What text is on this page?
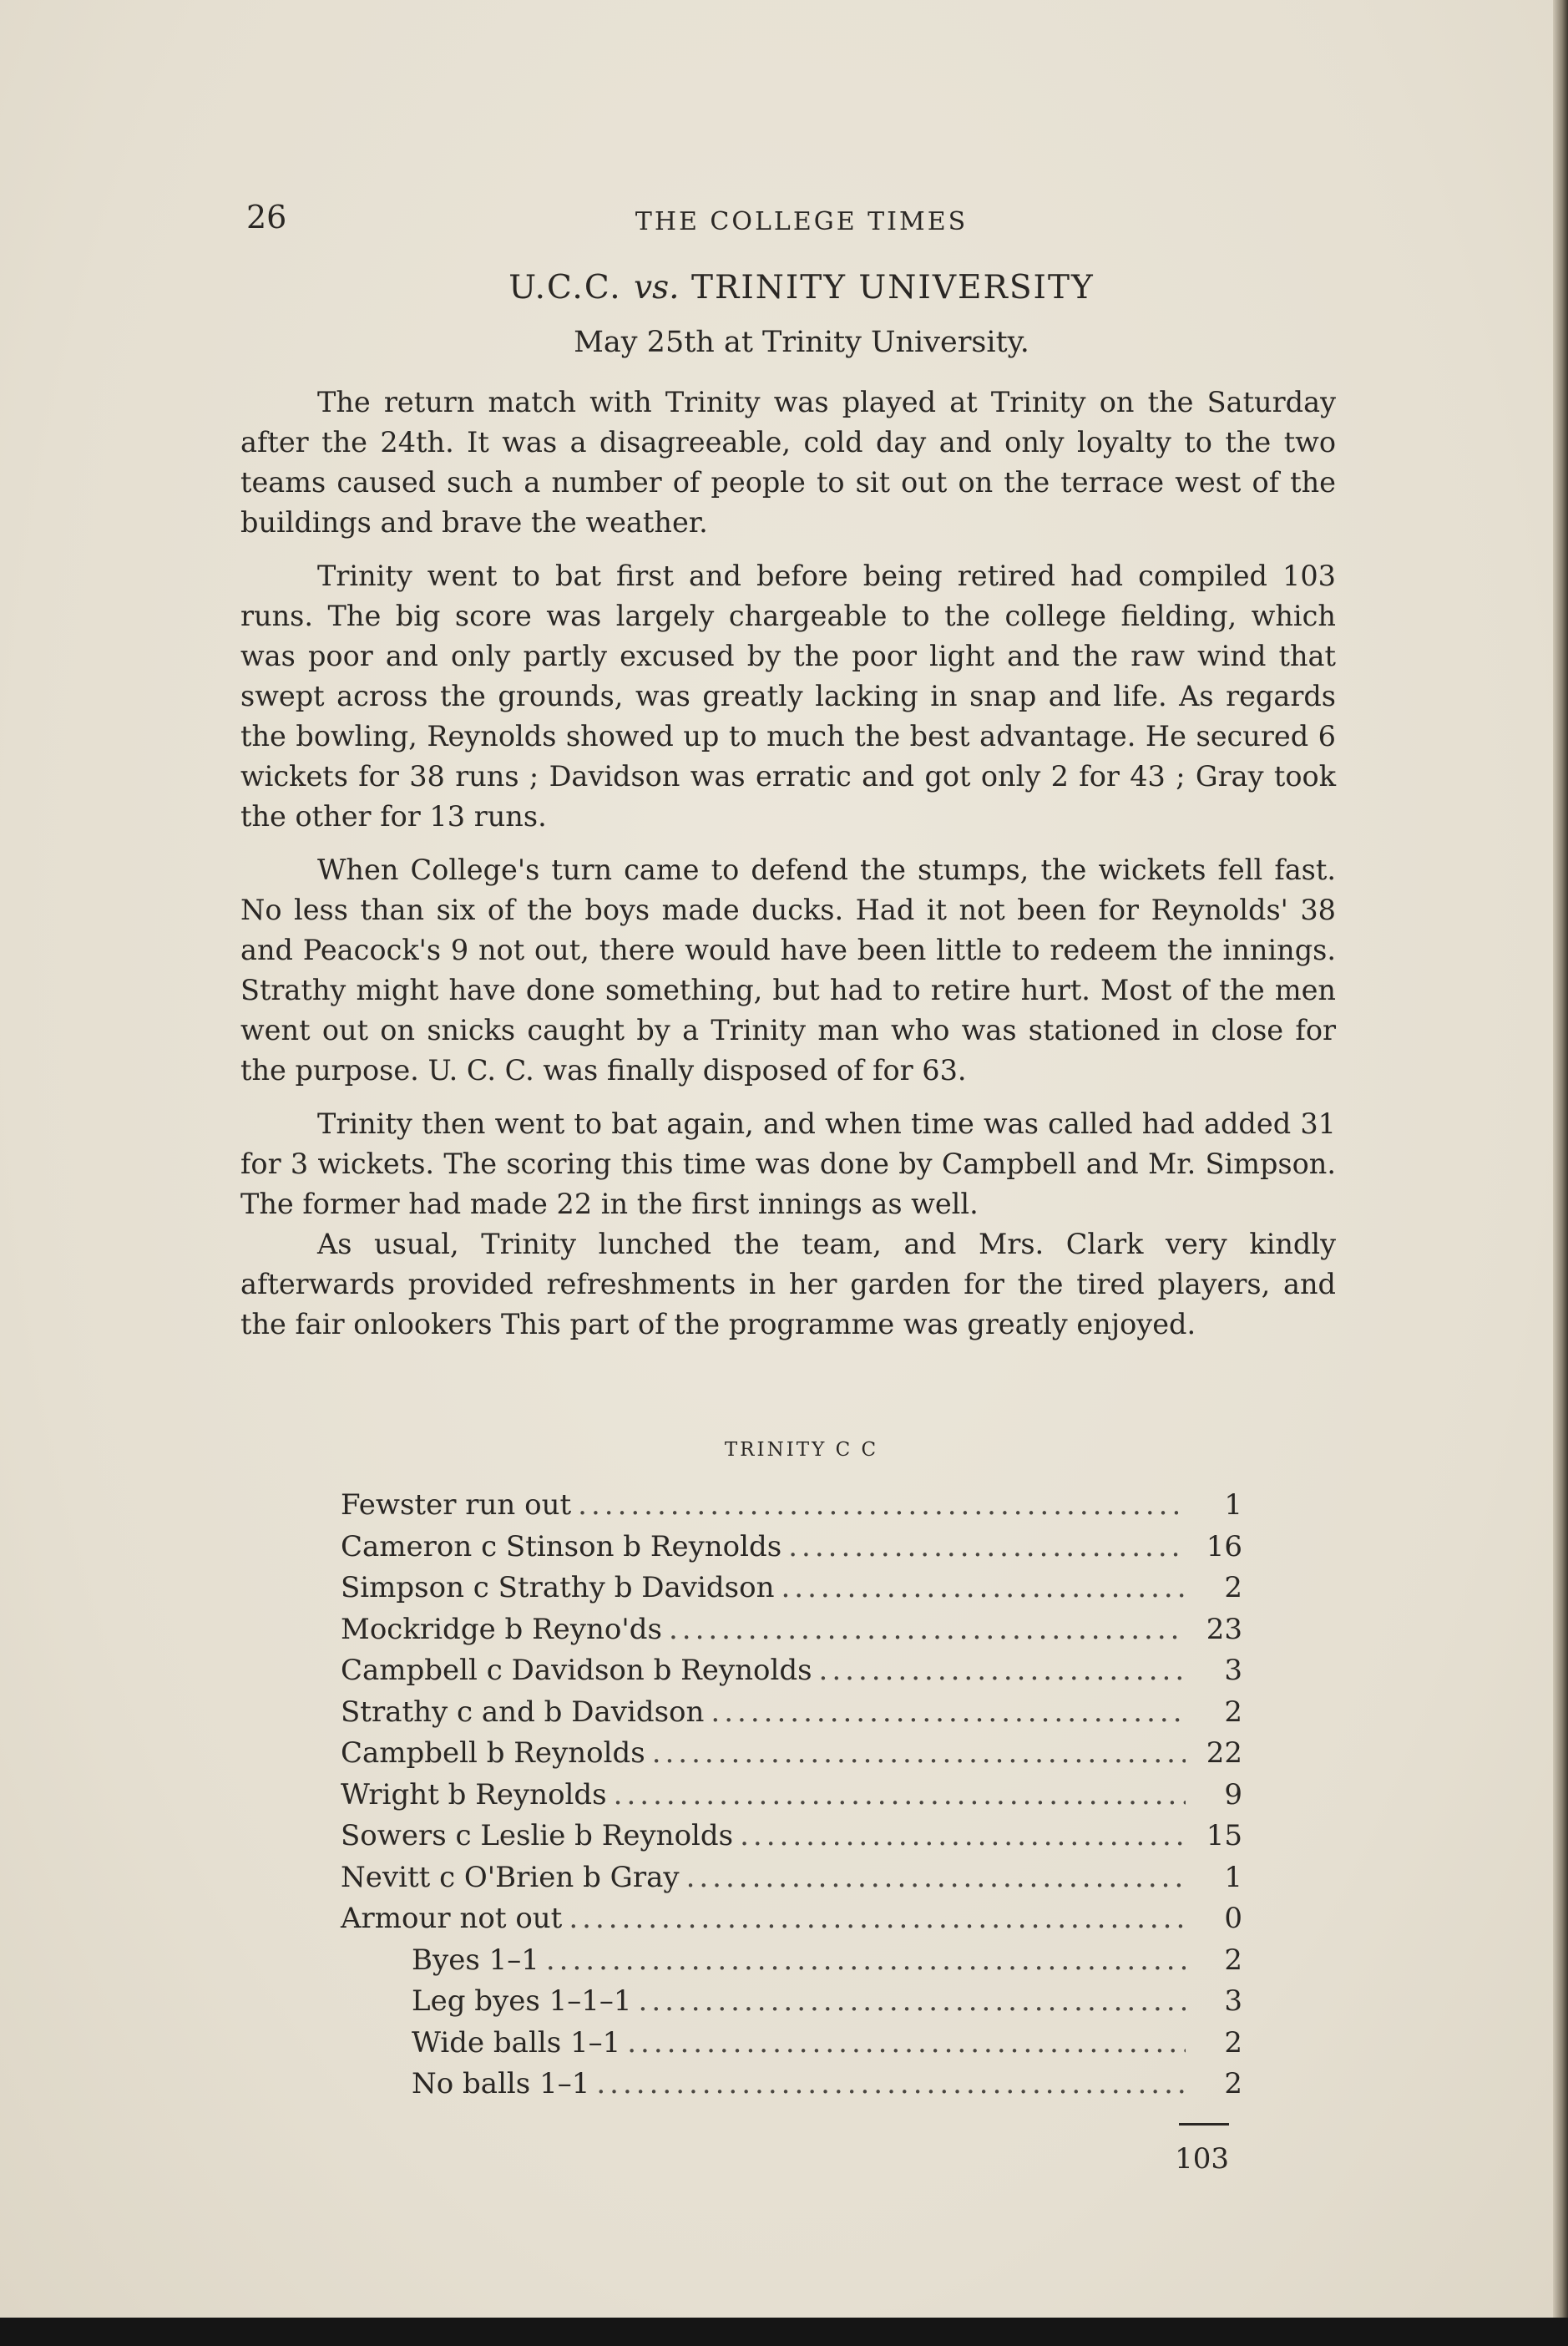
26	THE COLLEGE TIMES
U.C.C. vs. TRINITY UNIVERSITY
May 25th at Trinity University.

The return match with Trinity was played at Trinity on the Saturday after the 24th. It was a disagreeable, cold day and only loyalty to the two teams caused such a number of people to sit out on the terrace west of the buildings and brave the weather.

Trinity went to bat first and before being retired had compiled 103 runs. The big score was largely chargeable to the college fielding, which was poor and only partly excused by the poor light and the raw wind that swept across the grounds, was greatly lacking in snap and life. As regards the bowling, Reynolds showed up to much the best advantage. He secured 6 wickets for 38 runs ; Davidson was erratic and got only 2 for 43 ; Gray took the other for 13 runs.

When College's turn came to defend the stumps, the wickets fell fast. No less than six of the boys made ducks. Had it not been for Reynolds' 38 and Peacock's 9 not out, there would have been little to redeem the innings. Strathy might have done something, but had to retire hurt. Most of the men went out on snicks caught by a Trinity man who was stationed in close for the purpose. U. C. C. was finally disposed of for 63.

Trinity then went to bat again, and when time was called had added 31 for 3 wickets. The scoring this time was done by Campbell and Mr. Simpson. The former had made 22 in the first innings as well.

As usual, Trinity lunched the team, and Mrs. Clark very kindly afterwards provided refreshments in her garden for the tired players, and the fair onlookers This part of the programme was greatly enjoyed.

TRINITY C C
Fewster run out .....	1
Cameron c Stinson b Reynolds .....	16
Simpson c Strathy b Davidson .....	2
Mockridge b Reyno'ds .....	23
Campbell c Davidson b Reynolds .....	3
Strathy c and b Davidson .....	2
Campbell b Reynolds .....	22
Wright b Reynolds .....	9
Sowers c Leslie b Reynolds .....	15
Nevitt c O'Brien b Gray .....	1
Armour not out .....	0
Byes 1–1 .....	2
Leg byes 1–1–1 .....	3
Wide balls 1–1 .....	2
No balls 1–1 .....	2
103
